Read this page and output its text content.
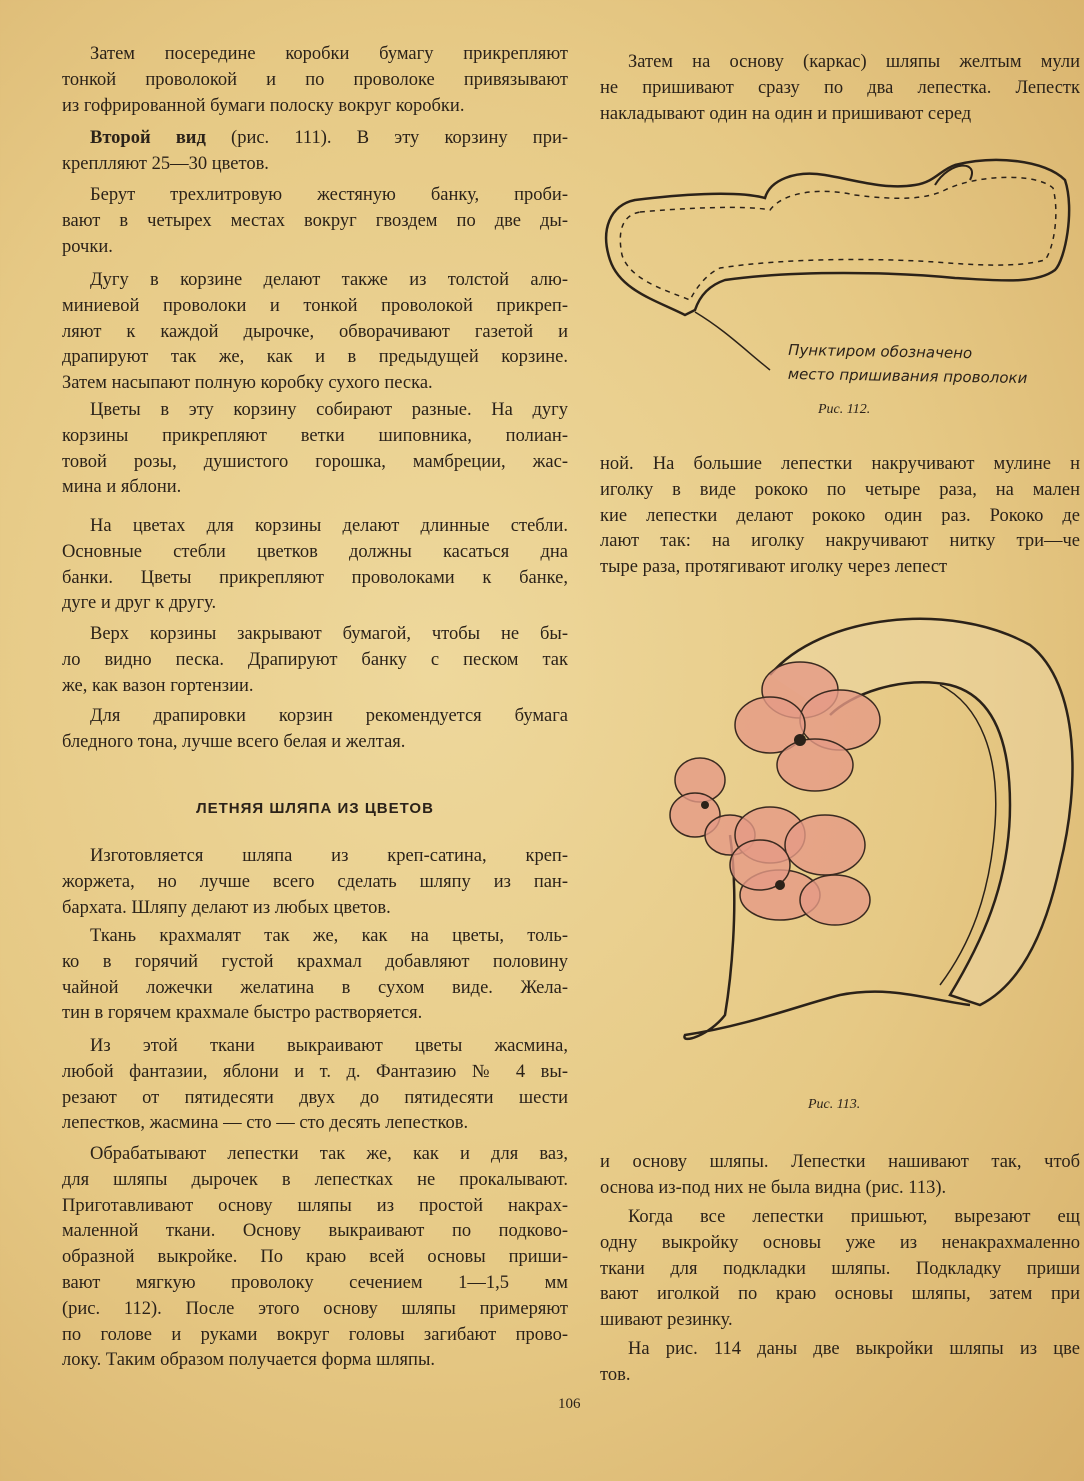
Затем посередине коробки бумагу прикрепляют
тонкой проволокой и по проволоке привязывают
из гофрированной бумаги полоску вокруг коробки.
Второй вид (рис. 111). В эту корзину при-
креплляют 25—30 цветов.
Берут трехлитровую жестяную банку, проби-
вают в четырех местах вокруг гвоздем по две ды-
рочки.
Дугу в корзине делают также из толстой алю-
миниевой проволоки и тонкой проволокой прикреп-
ляют к каждой дырочке, обворачивают газетой и
драпируют так же, как и в предыдущей корзине.
Затем насыпают полную коробку сухого песка.
Цветы в эту корзину собирают разные. На дугу
корзины прикрепляют ветки шиповника, полиан-
товой розы, душистого горошка, мамбреции, жас-
мина и яблони.
На цветах для корзины делают длинные стебли.
Основные стебли цветков должны касаться дна
банки. Цветы прикрепляют проволоками к банке,
дуге и друг к другу.
Верх корзины закрывают бумагой, чтобы не бы-
ло видно песка. Драпируют банку с песком так
же, как вазон гортензии.
Для драпировки корзин рекомендуется бумага
бледного тона, лучше всего белая и желтая.
Изготовляется шляпа из креп-сатина, креп-
жоржета, но лучше всего сделать шляпу из пан-
бархата. Шляпу делают из любых цветов.
Ткань крахмалят так же, как на цветы, толь-
ко в горячий густой крахмал добавляют половину
чайной ложечки желатина в сухом виде. Жела-
тин в горячем крахмале быстро растворяется.
Из этой ткани выкраивают цветы жасмина,
любой фантазии, яблони и т. д. Фантазию № 4 вы-
резают от пятидесяти двух до пятидесяти шести
лепестков, жасмина — сто — сто десять лепестков.
Обрабатывают лепестки так же, как и для ваз,
для шляпы дырочек в лепестках не прокалывают.
Приготавливают основу шляпы из простой накрах-
маленной ткани. Основу выкраивают по подково-
образной выкройке. По краю всей основы приши-
вают мягкую проволоку сечением 1—1,5 мм
(рис. 112). После этого основу шляпы примеряют
по голове и руками вокруг головы загибают прово-
локу. Таким образом получается форма шляпы.
ЛЕТНЯЯ ШЛЯПА ИЗ ЦВЕТОВ
Затем на основу (каркас) шляпы желтым мули
не пришивают сразу по два лепестка. Лепестк
накладывают один на один и пришивают серед
ной. На большие лепестки накручивают мулине н
иголку в виде рококо по четыре раза, на мален
кие лепестки делают рококо один раз. Рококо де
лают так: на иголку накручивают нитку три—че
тыре раза, протягивают иголку через лепест
и основу шляпы. Лепестки нашивают так, чтоб
основа из-под них не была видна (рис. 113).
Когда все лепестки пришьют, вырезают ещ
одну выкройку основы уже из ненакрахмаленно
ткани для подкладки шляпы. Подкладку приши
вают иголкой по краю основы шляпы, затем при
шивают резинку.
На рис. 114 даны две выкройки шляпы из цве
тов.
Пунктиром обозначено
место пришивания проволоки
Рис. 112.
Рис. 113.
106
